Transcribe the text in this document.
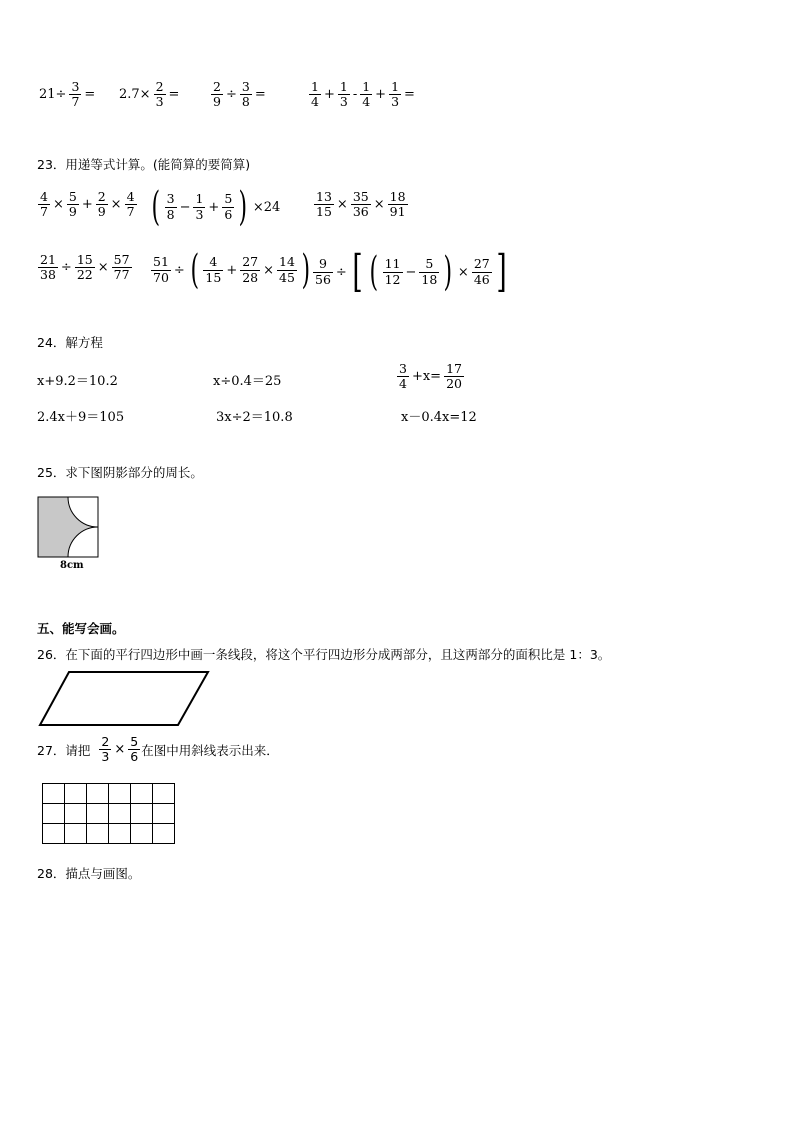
$21\div \frac{3}{7} = 2.7\times \frac{2}{3}$ =	$\frac{2}{9} \div \frac{3}{8}$ =	$\frac{1}{4} + \frac{1}{3} - \frac{1}{4} + \frac{1}{3}$ =
23．用递等式计算。(能简算的要简算)
$\frac{4}{7} \times \frac{5}{9} + \frac{2}{9} \times \frac{4}{7}$ ( $\frac{3}{8} - \frac{1}{3} + \frac{5}{6}$ ) ×24	$\frac{13}{15} \times \frac{35}{36} \times \frac{18}{91}$
$\frac{21}{38} \div \frac{15}{22} \times \frac{57}{77} \frac{51}{70}$ ÷ ( $\frac{4}{15} + \frac{27}{28} \times \frac{14}{45}$ ) $\frac{9}{56}$ ÷ [ ( $\frac{11}{12} - \frac{5}{18}$ ) × $\frac{27}{46}$ ]
24．解方程
x+9.2＝10.2	x÷0.4＝25	$\frac{3}{4} +x= \frac{17}{20}$
2.4x＋9＝105	3x÷2＝10.8	x－0.4x=12
25．求下图阴影部分的周长。
8cm
五、能写会画。
26．在下面的平行四边形中画一条线段，将这个平行四边形分成两部分，且这两部分的面积比是 1：3。
27．请把 $\frac{2}{3} \times \frac{5}{6}$ 在图中用斜线表示出来．

28．描点与画图。
